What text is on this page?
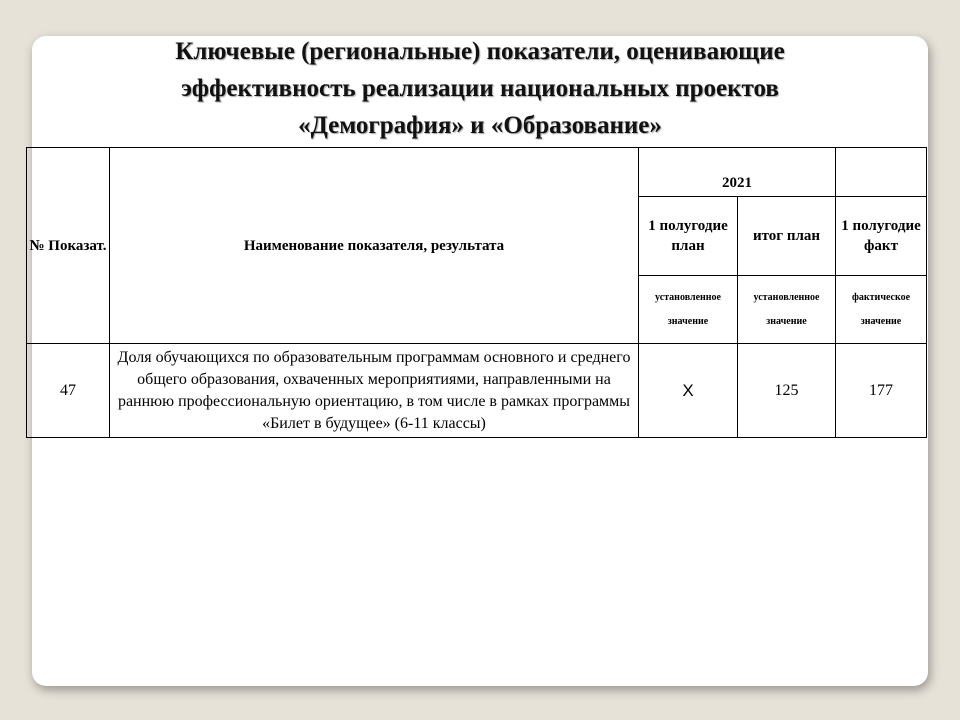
Ключевые (региональные) показатели, оценивающие
эффективность реализации национальных проектов
«Демография» и «Образование»
№ Показат.	Наименование показателя, результата	2021		
		1 полугодие план	итог план	1 полугодие факт
		установленное значение	установленное значение	фактическое значение
47	Доля обучающихся по образовательным программам основного и среднего общего образования, охваченных мероприятиями, направленными на раннюю профессиональную ориентацию, в том числе в рамках программы «Билет в будущее» (6-11 классы)	X	125	177
